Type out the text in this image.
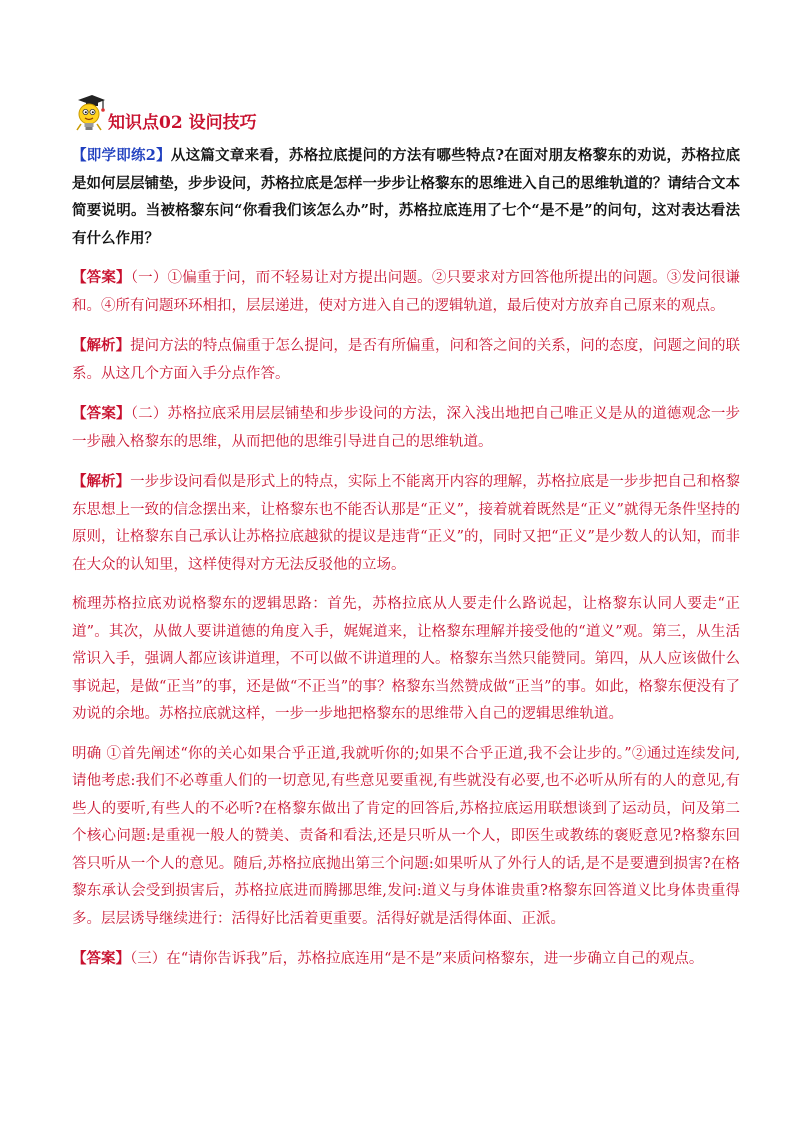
知识点02 设问技巧

【即学即练2】从这篇文章来看，苏格拉底提问的方法有哪些特点?在面对朋友格黎东的劝说，苏格拉底是如何层层铺垫，步步设问，苏格拉底是怎样一步步让格黎东的思维进入自己的思维轨道的？请结合文本简要说明。当被格黎东问“你看我们该怎么办”时，苏格拉底连用了七个“是不是”的问句，这对表达看法有什么作用？

【答案】（一）①偏重于问，而不轻易让对方提出问题。②只要求对方回答他所提出的问题。③发问很谦和。④所有问题环环相扣，层层递进，使对方进入自己的逻辑轨道，最后使对方放弃自己原来的观点。

【解析】提问方法的特点偏重于怎么提问，是否有所偏重，问和答之间的关系，问的态度，问题之间的联系。从这几个方面入手分点作答。

【答案】（二）苏格拉底采用层层铺垫和步步设问的方法，深入浅出地把自己唯正义是从的道德观念一步一步融入格黎东的思维，从而把他的思维引导进自己的思维轨道。

【解析】一步步设问看似是形式上的特点，实际上不能离开内容的理解，苏格拉底是一步步把自己和格黎东思想上一致的信念摆出来，让格黎东也不能否认那是“正义”，接着就着既然是“正义”就得无条件坚持的原则，让格黎东自己承认让苏格拉底越狱的提议是违背“正义”的，同时又把“正义”是少数人的认知，而非在大众的认知里，这样使得对方无法反驳他的立场。

梳理苏格拉底劝说格黎东的逻辑思路：首先，苏格拉底从人要走什么路说起，让格黎东认同人要走“正道”。其次，从做人要讲道德的角度入手，娓娓道来，让格黎东理解并接受他的“道义”观。第三，从生活常识入手，强调人都应该讲道理，不可以做不讲道理的人。格黎东当然只能赞同。第四，从人应该做什么事说起，是做“正当”的事，还是做“不正当”的事？格黎东当然赞成做“正当”的事。如此，格黎东便没有了劝说的余地。苏格拉底就这样，一步一步地把格黎东的思维带入自己的逻辑思维轨道。

明确 ①首先阐述“你的关心如果合乎正道,我就听你的;如果不合乎正道,我不会让步的。”②通过连续发问,请他考虑:我们不必尊重人们的一切意见,有些意见要重视,有些就没有必要,也不必听从所有的人的意见,有些人的要听,有些人的不必听?在格黎东做出了肯定的回答后,苏格拉底运用联想谈到了运动员，问及第二个核心问题:是重视一般人的赞美、责备和看法,还是只听从一个人，即医生或教练的褒贬意见?格黎东回答只听从一个人的意见。随后,苏格拉底抛出第三个问题:如果听从了外行人的话,是不是要遭到损害?在格黎东承认会受到损害后，苏格拉底进而腾挪思维,发问:道义与身体谁贵重?格黎东回答道义比身体贵重得多。层层诱导继续进行：活得好比活着更重要。活得好就是活得体面、正派。

【答案】（三）在“请你告诉我”后，苏格拉底连用“是不是”来质问格黎东，进一步确立自己的观点。
